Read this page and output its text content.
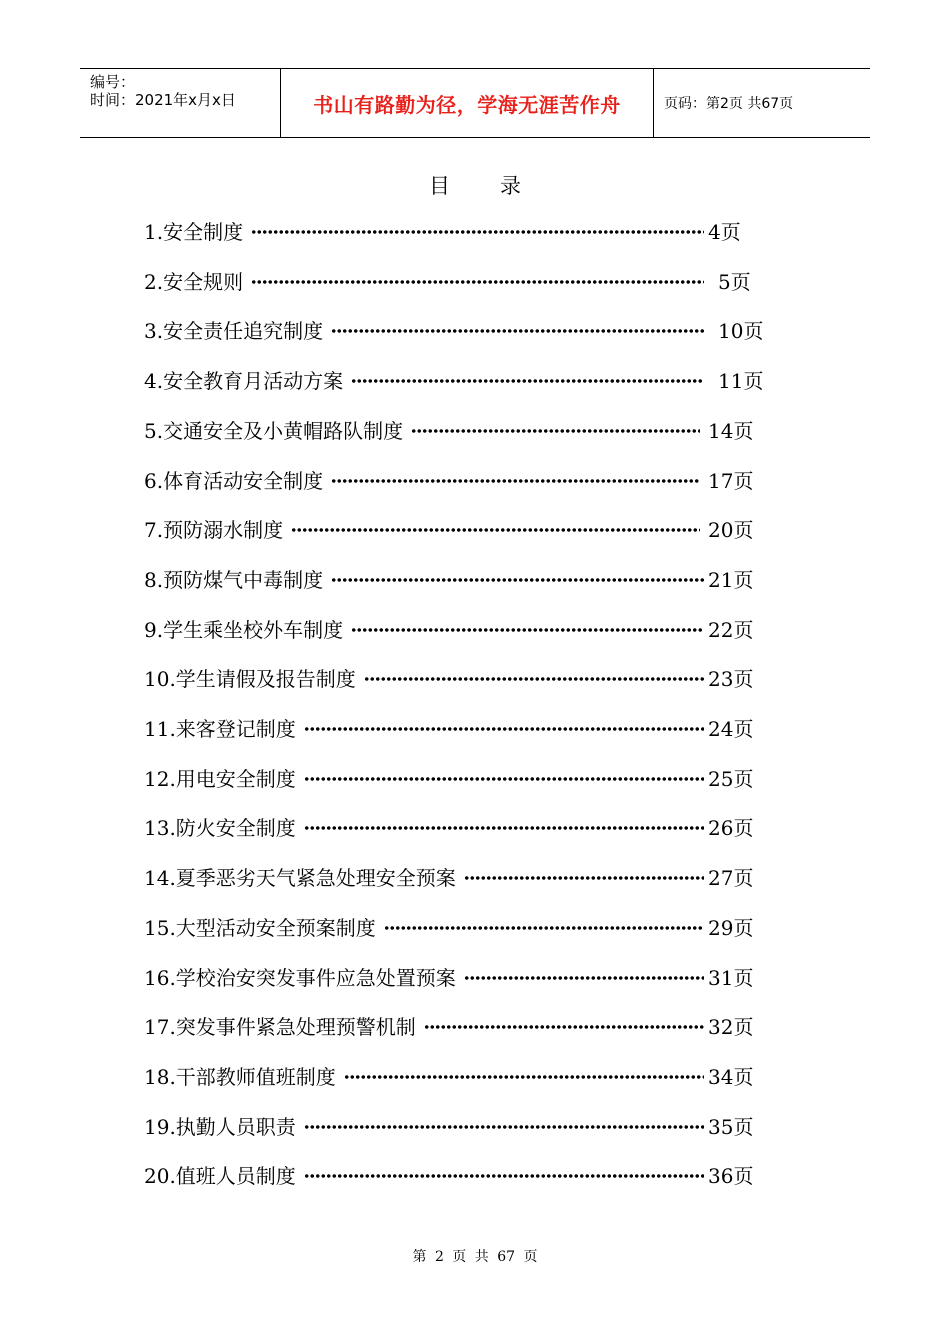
编号：
时间：2021年x月x日	书山有路勤为径，学海无涯苦作舟	页码：第2页 共67页
目录
1.安全制度	4页
2.安全规则	5页
3.安全责任追究制度	10页
4.安全教育月活动方案	11页
5.交通安全及小黄帽路队制度	14页
6.体育活动安全制度	17页
7.预防溺水制度	20页
8.预防煤气中毒制度	21页
9.学生乘坐校外车制度	22页
10.学生请假及报告制度	23页
11.来客登记制度	24页
12.用电安全制度	25页
13.防火安全制度	26页
14.夏季恶劣天气紧急处理安全预案	27页
15.大型活动安全预案制度	29页
16.学校治安突发事件应急处置预案	31页
17.突发事件紧急处理预警机制	32页
18.干部教师值班制度	34页
19.执勤人员职责	35页
20.值班人员制度	36页
第 2 页 共 67 页
